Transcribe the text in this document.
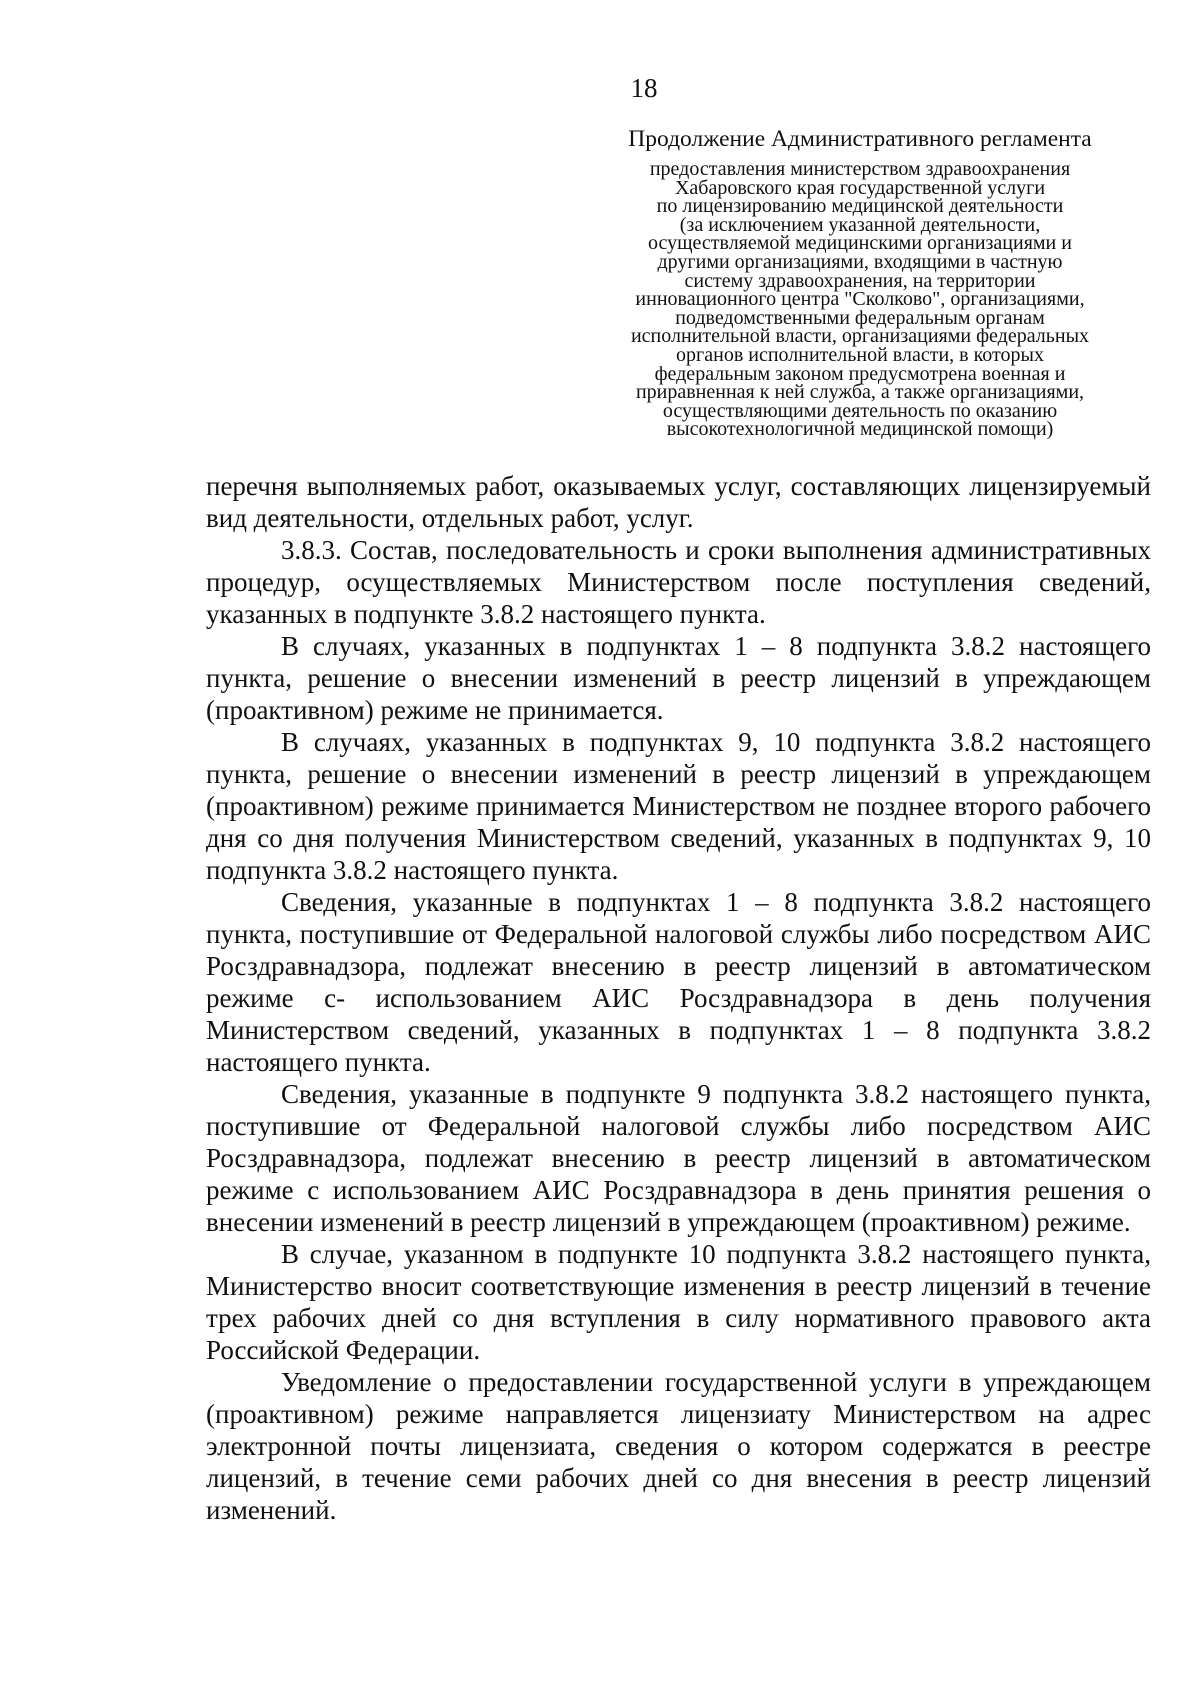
18
Продолжение Административного регламента
предоставления министерством здравоохранения
Хабаровского края государственной услуги
по лицензированию медицинской деятельности
(за исключением указанной деятельности,
осуществляемой медицинскими организациями и
другими организациями, входящими в частную
систему здравоохранения, на территории
инновационного центра "Сколково", организациями,
подведомственными федеральным органам
исполнительной власти, организациями федеральных
органов исполнительной власти, в которых
федеральным законом предусмотрена военная и
приравненная к ней служба, а также организациями,
осуществляющими деятельность по оказанию
высокотехнологичной медицинской помощи)

перечня выполняемых работ, оказываемых услуг, составляющих лицензируемый вид деятельности, отдельных работ, услуг.

3.8.3. Состав, последовательность и сроки выполнения административных процедур, осуществляемых Министерством после поступления сведений, указанных в подпункте 3.8.2 настоящего пункта.

В случаях, указанных в подпунктах 1 – 8 подпункта 3.8.2 настоящего пункта, решение о внесении изменений в реестр лицензий в упреждающем (проактивном) режиме не принимается.

В случаях, указанных в подпунктах 9, 10 подпункта 3.8.2 настоящего пункта, решение о внесении изменений в реестр лицензий в упреждающем (проактивном) режиме принимается Министерством не позднее второго рабочего дня со дня получения Министерством сведений, указанных в подпунктах 9, 10 подпункта 3.8.2 настоящего пункта.

Сведения, указанные в подпунктах 1 – 8 подпункта 3.8.2 настоящего пункта, поступившие от Федеральной налоговой службы либо посредством АИС Росздравнадзора, подлежат внесению в реестр лицензий в автоматическом режиме с- использованием АИС Росздравнадзора в день получения Министерством сведений, указанных в подпунктах 1 – 8 подпункта 3.8.2 настоящего пункта.

Сведения, указанные в подпункте 9 подпункта 3.8.2 настоящего пункта, поступившие от Федеральной налоговой службы либо посредством АИС Росздравнадзора, подлежат внесению в реестр лицензий в автоматическом режиме с использованием АИС Росздравнадзора в день принятия решения о внесении изменений в реестр лицензий в упреждающем (проактивном) режиме.

В случае, указанном в подпункте 10 подпункта 3.8.2 настоящего пункта, Министерство вносит соответствующие изменения в реестр лицензий в течение трех рабочих дней со дня вступления в силу нормативного правового акта Российской Федерации.

Уведомление о предоставлении государственной услуги в упреждающем (проактивном) режиме направляется лицензиату Министерством на адрес электронной почты лицензиата, сведения о котором содержатся в реестре лицензий, в течение семи рабочих дней со дня внесения в реестр лицензий изменений.
